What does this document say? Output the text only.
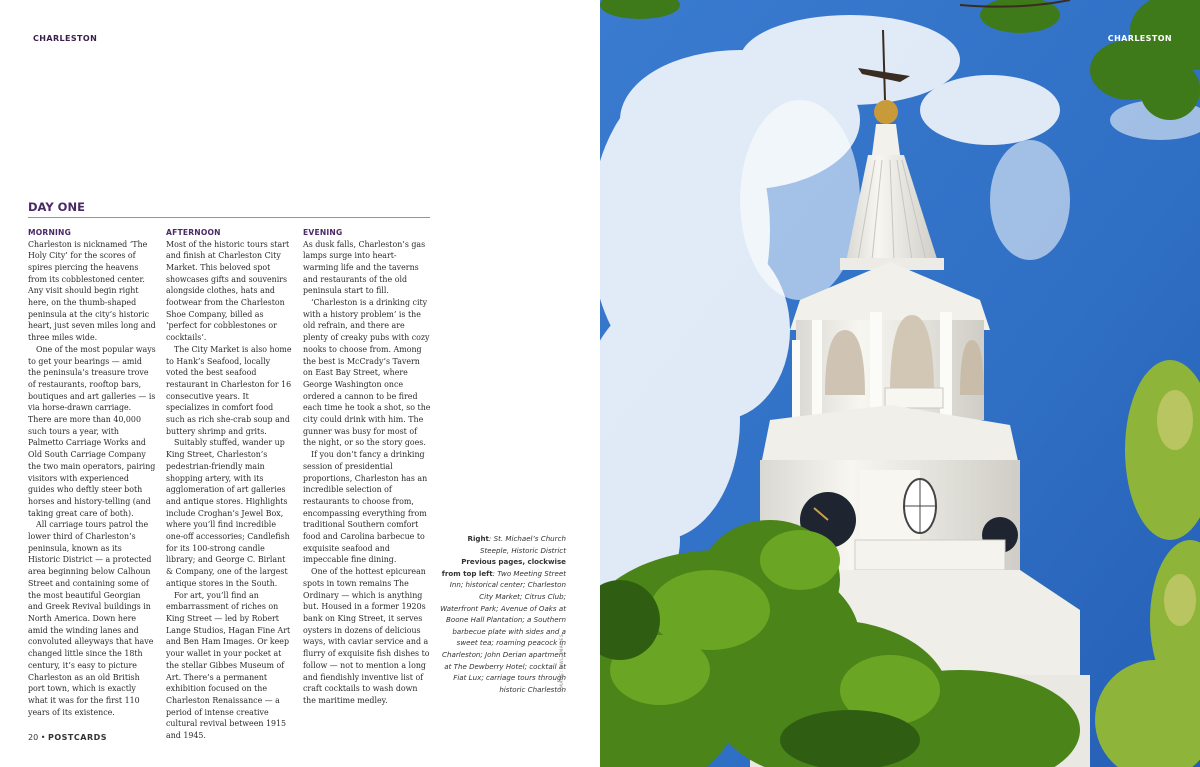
CHARLESTON
DAY ONE
MORNING

Charleston is nicknamed ‘The Holy City’ for the scores of spires piercing the heavens from its cobblestoned center. Any visit should begin right here, on the thumb-shaped peninsula at the city’s historic heart, just seven miles long and three miles wide.

One of the most popular ways to get your bearings — amid the peninsula’s treasure trove of restaurants, rooftop bars, boutiques and art galleries — is via horse-drawn carriage. There are more than 40,000 such tours a year, with Palmetto Carriage Works and Old South Carriage Company the two main operators, pairing visitors with experienced guides who deftly steer both horses and history-telling (and taking great care of both).

All carriage tours patrol the lower third of Charleston’s peninsula, known as its Historic District — a protected area beginning below Calhoun Street and containing some of the most beautiful Georgian and Greek Revival buildings in North America. Down here amid the winding lanes and convoluted alleyways that have changed little since the 18th century, it’s easy to picture Charleston as an old British port town, which is exactly what it was for the first 110 years of its existence.

AFTERNOON

Most of the historic tours start and finish at Charleston City Market. This beloved spot showcases gifts and souvenirs alongside clothes, hats and footwear from the Charleston Shoe Company, billed as ‘perfect for cobblestones or cocktails’.

The City Market is also home to Hank’s Seafood, locally voted the best seafood restaurant in Charleston for 16 consecutive years. It specializes in comfort food such as rich she-crab soup and buttery shrimp and grits.

Suitably stuffed, wander up King Street, Charleston’s pedestrian-friendly main shopping artery, with its agglomeration of art galleries and antique stores. Highlights include Croghan’s Jewel Box, where you’ll find incredible one-off accessories; Candlefish for its 100-strong candle library; and George C. Birlant & Company, one of the largest antique stores in the South.

For art, you’ll find an embarrassment of riches on King Street — led by Robert Lange Studios, Hagan Fine Art and Ben Ham Images. Or keep your wallet in your pocket at the stellar Gibbes Museum of Art. There’s a permanent exhibition focused on the Charleston Renaissance — a period of intense creative cultural revival between 1915 and 1945.

EVENING

As dusk falls, Charleston’s gas lamps surge into heart-warming life and the taverns and restaurants of the old peninsula start to fill.

‘Charleston is a drinking city with a history problem’ is the old refrain, and there are plenty of creaky pubs with cozy nooks to choose from. Among the best is McCrady’s Tavern on East Bay Street, where George Washington once ordered a cannon to be fired each time he took a shot, so the city could drink with him. The gunner was busy for most of the night, or so the story goes.

If you don’t fancy a drinking session of presidential proportions, Charleston has an incredible selection of restaurants to choose from, encompassing everything from traditional Southern comfort food and Carolina barbecue to exquisite seafood and impeccable fine dining.

One of the hottest epicurean spots in town remains The Ordinary — which is anything but. Housed in a former 1920s bank on King Street, it serves oysters in dozens of delicious ways, with caviar service and a flurry of exquisite fish dishes to follow — not to mention a long and fiendishly inventive list of craft cocktails to wash down the maritime medley.

Right: St. Michael’s Church Steeple, Historic District
Previous pages, clockwise from top left: Two Meeting Street Inn; historical center; Charleston City Market; Citrus Club; Waterfront Park; Avenue of Oaks at Boone Hall Plantation; a Southern barbecue plate with sides and a sweet tea; roaming peacock in Charleston; John Derian apartment at The Dewberry Hotel; cocktail at Fiat Lux; carriage tours through historic Charleston
IMAGE: AWL IMAGES
20 • POSTCARDS
CHARLESTON
